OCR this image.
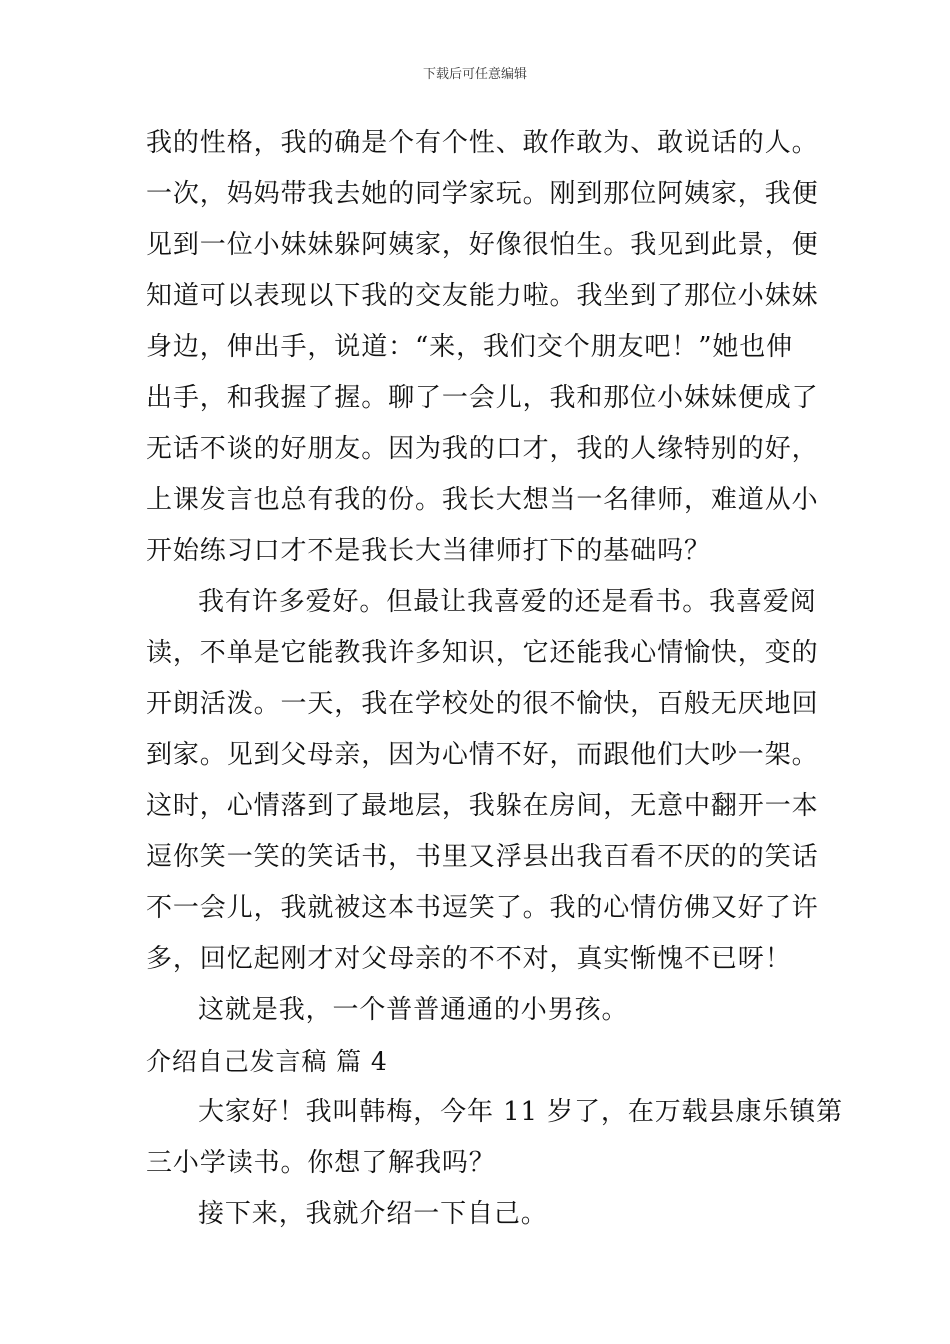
下载后可任意编辑
我的性格，我的确是个有个性、敢作敢为、敢说话的人。
一次，妈妈带我去她的同学家玩。刚到那位阿姨家，我便
见到一位小妹妹躲阿姨家，好像很怕生。我见到此景，便
知道可以表现以下我的交友能力啦。我坐到了那位小妹妹
身边，伸出手，说道：“来，我们交个朋友吧！”她也伸
出手，和我握了握。聊了一会儿，我和那位小妹妹便成了
无话不谈的好朋友。因为我的口才，我的人缘特别的好，
上课发言也总有我的份。我长大想当一名律师，难道从小
开始练习口才不是我长大当律师打下的基础吗？
我有许多爱好。但最让我喜爱的还是看书。我喜爱阅
读，不单是它能教我许多知识，它还能我心情愉快，变的
开朗活泼。一天，我在学校处的很不愉快，百般无厌地回
到家。见到父母亲，因为心情不好，而跟他们大吵一架。
这时，心情落到了最地层，我躲在房间，无意中翻开一本
逗你笑一笑的笑话书，书里又浮县出我百看不厌的的笑话
不一会儿，我就被这本书逗笑了。我的心情仿佛又好了许
多，回忆起刚才对父母亲的不不对，真实惭愧不已呀！
这就是我，一个普普通通的小男孩。
介绍自己发言稿 篇 4
大家好！我叫韩梅，今年 11 岁了，在万载县康乐镇第
三小学读书。你想了解我吗？
接下来，我就介绍一下自己。
